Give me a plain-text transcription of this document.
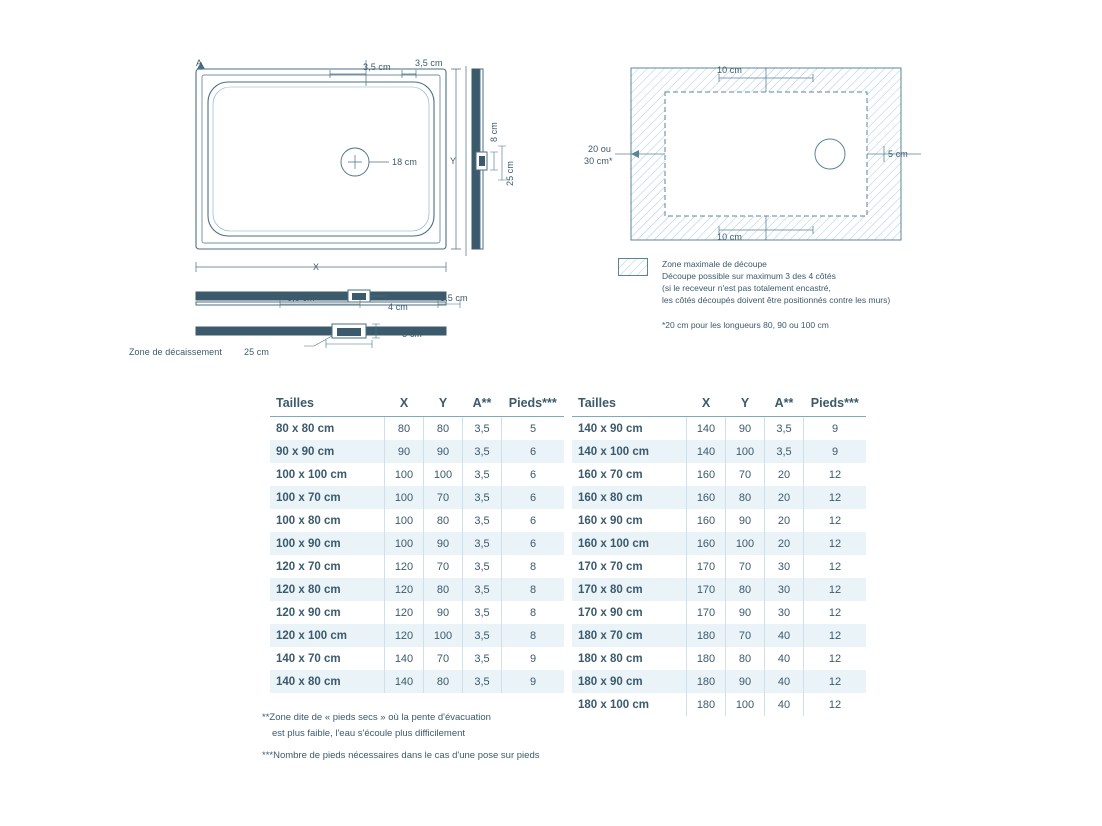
A	3,5 cm	3,5 cm
18 cm
X
Y
8 cm
25 cm
6,5 cm
4 cm
3,5 cm
8 cm
25 cm
Zone de décaissement
10 cm
10 cm
20 ou
30 cm*
5 cm
Zone maximale de découpe
Découpe possible sur maximum 3 des 4 côtés
(si le receveur n'est pas totalement encastré,
les côtés découpés doivent être positionnés contre les murs)
*20 cm pour les longueurs 80, 90 ou 100 cm
Tailles	X	Y	A**	Pieds***
80 x 80 cm	80	80	3,5	5
90 x 90 cm	90	90	3,5	6
100 x 100 cm	100	100	3,5	6
100 x 70 cm	100	70	3,5	6
100 x 80 cm	100	80	3,5	6
100 x 90 cm	100	90	3,5	6
120 x 70 cm	120	70	3,5	8
120 x 80 cm	120	80	3,5	8
120 x 90 cm	120	90	3,5	8
120 x 100 cm	120	100	3,5	8
140 x 70 cm	140	70	3,5	9
140 x 80 cm	140	80	3,5	9
Tailles	X	Y	A**	Pieds***
140 x 90 cm	140	90	3,5	9
140 x 100 cm	140	100	3,5	9
160 x 70 cm	160	70	20	12
160 x 80 cm	160	80	20	12
160 x 90 cm	160	90	20	12
160 x 100 cm	160	100	20	12
170 x 70 cm	170	70	30	12
170 x 80 cm	170	80	30	12
170 x 90 cm	170	90	30	12
180 x 70 cm	180	70	40	12
180 x 80 cm	180	80	40	12
180 x 90 cm	180	90	40	12
180 x 100 cm	180	100	40	12
**Zone dite de « pieds secs » où la pente d'évacuation
est plus faible, l'eau s'écoule plus difficilement
***Nombre de pieds nécessaires dans le cas d'une pose sur pieds
